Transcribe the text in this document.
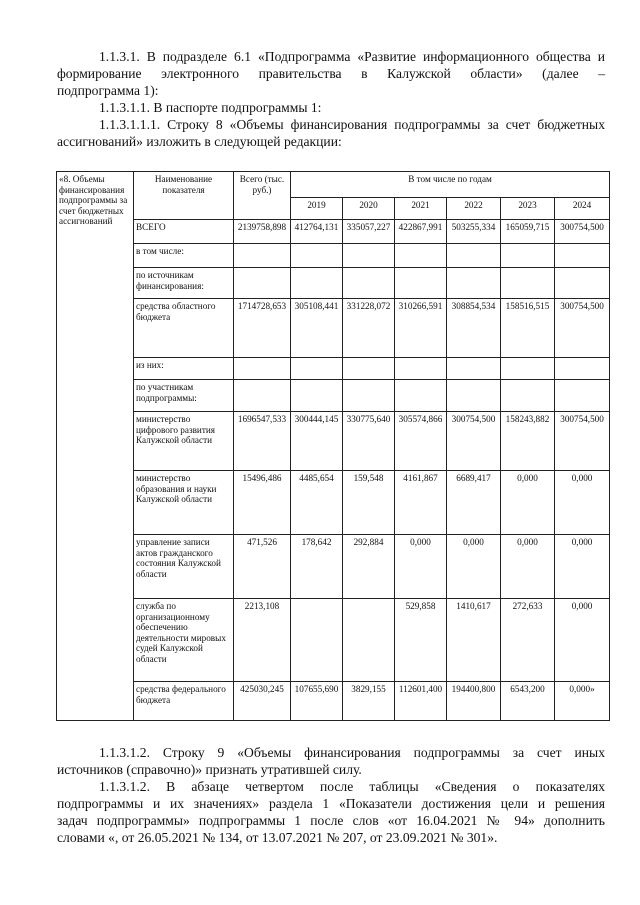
1.1.3.1. В подразделе 6.1 «Подпрограмма «Развитие информационного общества и

формирование электронного правительства в Калужской области» (далее –

подпрограмма 1):

1.1.3.1.1. В паспорте подпрограммы 1:

1.1.3.1.1.1. Строку 8 «Объемы финансирования подпрограммы за счет бюджетных

ассигнований» изложить в следующей редакции:

«8. Объемы финансирования подпрограммы за счет бюджетных ассигнований	Наименование показателя	Всего (тыс. руб.)	В том числе по годам					
			2019	2020	2021	2022	2023	2024
	ВСЕГО	2139758,898	412764,131	335057,227	422867,991	503255,334	165059,715	300754,500
	в том числе:							
	по источникам финансирования:							
	средства областного бюджета	1714728,653	305108,441	331228,072	310266,591	308854,534	158516,515	300754,500
	из них:							
	по участникам подпрограммы:							
	министерство цифрового развития Калужской области	1696547,533	300444,145	330775,640	305574,866	300754,500	158243,882	300754,500
	министерство образования и науки Калужской области	15496,486	4485,654	159,548	4161,867	6689,417	0,000	0,000
	управление записи актов гражданского состояния Калужской области	471,526	178,642	292,884	0,000	0,000	0,000	0,000
	служба по организационному обеспечению деятельности мировых судей Калужской области	2213,108			529,858	1410,617	272,633	0,000
	средства федерального бюджета	425030,245	107655,690	3829,155	112601,400	194400,800	6543,200	0,000»

1.1.3.1.2. Строку 9 «Объемы финансирования подпрограммы за счет иных

источников (справочно)» признать утратившей силу.

1.1.3.1.2. В абзаце четвертом после таблицы «Сведения о показателях

подпрограммы и их значениях» раздела 1 «Показатели достижения цели и решения

задач подпрограммы» подпрограммы 1 после слов «от 16.04.2021 № 94» дополнить

словами «, от 26.05.2021 № 134, от 13.07.2021 № 207, от 23.09.2021 № 301».
